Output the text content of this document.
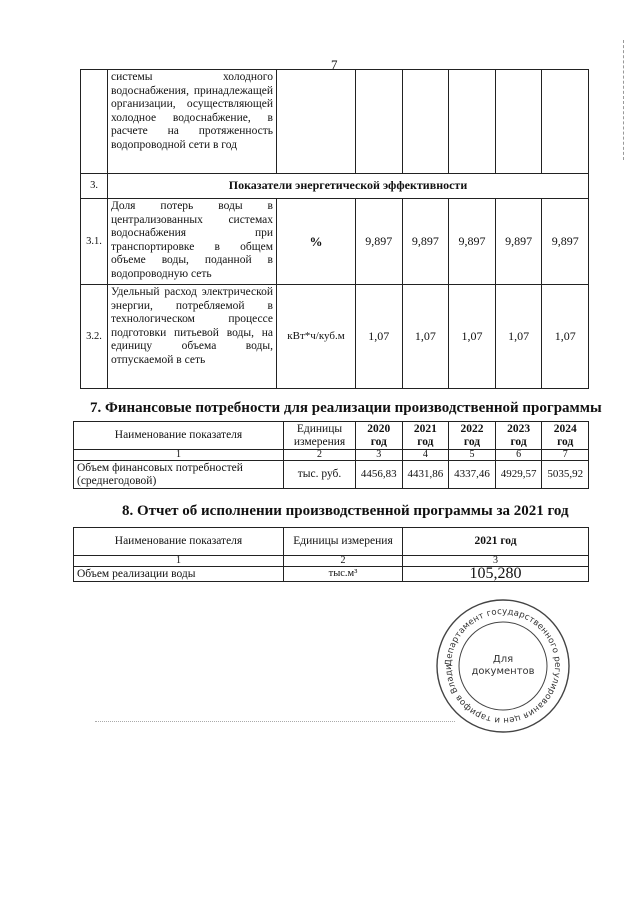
7
	системы холодного водоснабжения, принадлежащей организации, осуществляющей холодное водоснабжение, в расчете на протяженность водопроводной сети в год						
3.	Показатели энергетической эффективности						
3.1.	Доля потерь воды в централизованных системах водоснабжения при транспортировке в общем объеме воды, поданной в водопроводную сеть	%	9,897	9,897	9,897	9,897	9,897
3.2.	Удельный расход электрической энергии, потребляемой в технологическом процессе подготовки питьевой воды, на единицу объема воды, отпускаемой в сеть	кВт*ч/куб.м	1,07	1,07	1,07	1,07	1,07
7. Финансовые потребности для реализации производственной программы
Наименование показателя	Единицы измерения	2020 год	2021 год	2022 год	2023 год	2024 год
1	2	3	4	5	6	7
Объем финансовых потребностей (среднегодовой)	тыс. руб.	4456,83	4431,86	4337,46	4929,57	5035,92
8. Отчет об исполнении производственной программы за 2021 год
Наименование показателя	Единицы измерения	2021 год
1	2	3
Объем реализации воды	тыс.м³	105,280
Департамент государственного регулирования цен и тарифов Влади
Для
документов
